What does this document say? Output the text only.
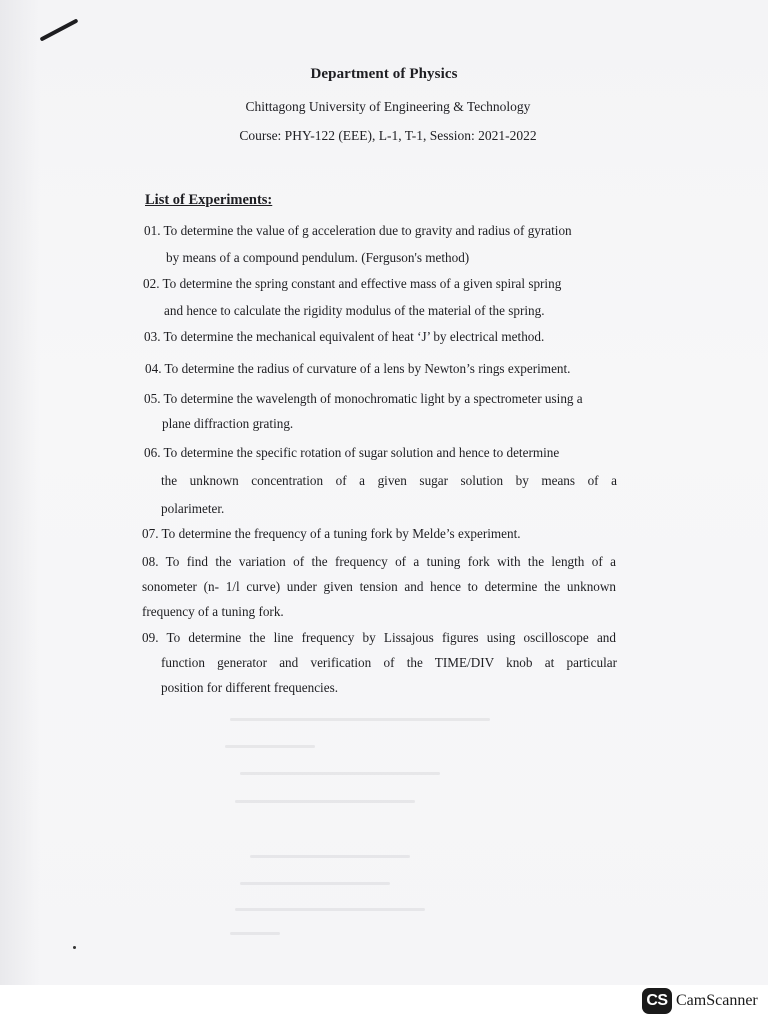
Department of Physics
Chittagong University of Engineering & Technology
Course: PHY-122 (EEE), L-1, T-1, Session: 2021-2022
List of Experiments:
01. To determine the value of g acceleration due to gravity and radius of gyration
by means of a compound pendulum. (Ferguson's method)
02. To determine the spring constant and effective mass of a given spiral spring
and hence to calculate the rigidity modulus of the material of the spring.
03. To determine the mechanical equivalent of heat ‘J’ by electrical method.
04. To determine the radius of curvature of a lens by Newton’s rings experiment.
05. To determine the wavelength of monochromatic light by a spectrometer using a
plane diffraction grating.
06. To determine the specific rotation of sugar solution and hence to determine
the unknown concentration of a given sugar solution by means of a
polarimeter.
07. To determine the frequency of a tuning fork by Melde’s experiment.
08. To find the variation of the frequency of a tuning fork with the length of a
sonometer (n- 1/l curve) under given tension and hence to determine the unknown
frequency of a tuning fork.
09. To determine the line frequency by Lissajous figures using oscilloscope and
function generator and verification of the TIME/DIV knob at particular
position for different frequencies.
CS CamScanner
